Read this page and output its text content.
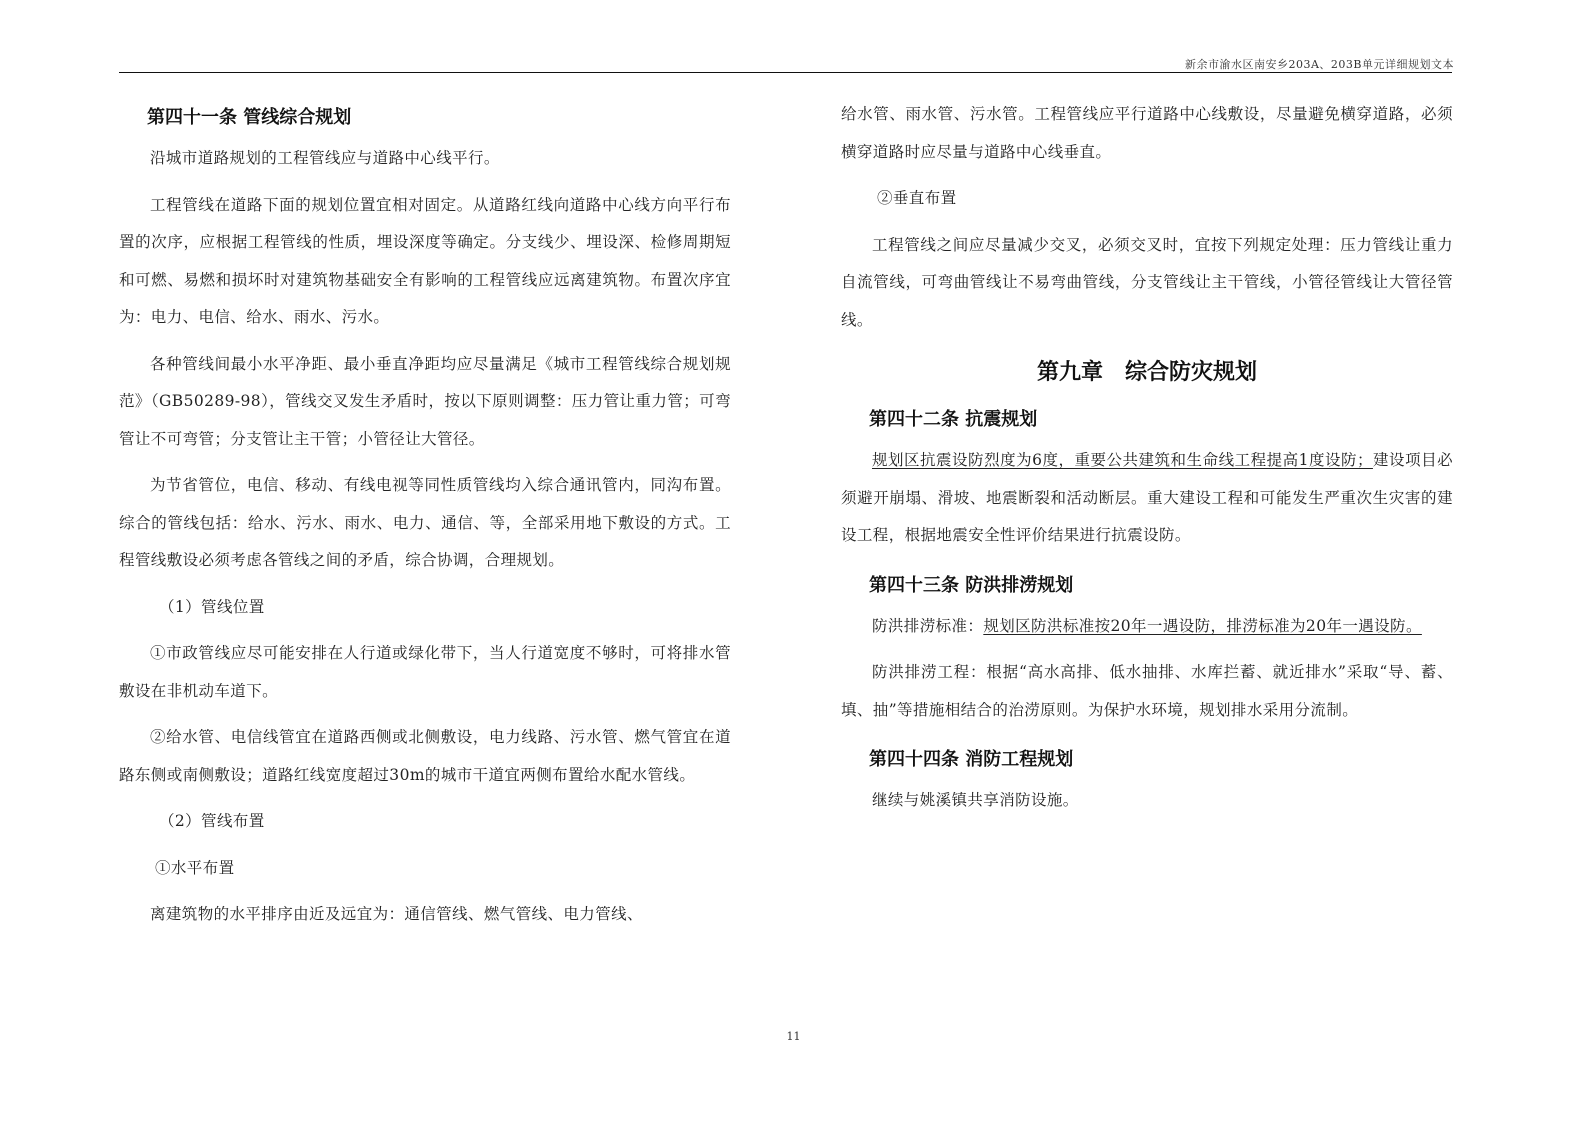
新余市渝水区南安乡203A、203B单元详细规划文本
第四十一条 管线综合规划

沿城市道路规划的工程管线应与道路中心线平行。

工程管线在道路下面的规划位置宜相对固定。从道路红线向道路中心线方向平行布置的次序，应根据工程管线的性质，埋设深度等确定。分支线少、埋设深、检修周期短和可燃、易燃和损坏时对建筑物基础安全有影响的工程管线应远离建筑物。布置次序宜为：电力、电信、给水、雨水、污水。

各种管线间最小水平净距、最小垂直净距均应尽量满足《城市工程管线综合规划规范》（GB50289-98），管线交叉发生矛盾时，按以下原则调整：压力管让重力管；可弯管让不可弯管；分支管让主干管；小管径让大管径。

为节省管位，电信、移动、有线电视等同性质管线均入综合通讯管内，同沟布置。综合的管线包括：给水、污水、雨水、电力、通信、等，全部采用地下敷设的方式。工程管线敷设必须考虑各管线之间的矛盾，综合协调，合理规划。

（1）管线位置

①市政管线应尽可能安排在人行道或绿化带下，当人行道宽度不够时，可将排水管敷设在非机动车道下。

②给水管、电信线管宜在道路西侧或北侧敷设，电力线路、污水管、燃气管宜在道路东侧或南侧敷设；道路红线宽度超过30m的城市干道宜两侧布置给水配水管线。

（2）管线布置

①水平布置

离建筑物的水平排序由近及远宜为：通信管线、燃气管线、电力管线、

给水管、雨水管、污水管。工程管线应平行道路中心线敷设，尽量避免横穿道路，必须横穿道路时应尽量与道路中心线垂直。

②垂直布置

工程管线之间应尽量减少交叉，必须交叉时，宜按下列规定处理：压力管线让重力自流管线，可弯曲管线让不易弯曲管线，分支管线让主干管线，小管径管线让大管径管线。

第九章　综合防灾规划
第四十二条 抗震规划

规划区抗震设防烈度为6度，重要公共建筑和生命线工程提高1度设防；建设项目必须避开崩塌、滑坡、地震断裂和活动断层。重大建设工程和可能发生严重次生灾害的建设工程，根据地震安全性评价结果进行抗震设防。

第四十三条 防洪排涝规划

防洪排涝标准：规划区防洪标准按20年一遇设防，排涝标准为20年一遇设防。

防洪排涝工程：根据“高水高排、低水抽排、水库拦蓄、就近排水”采取“导、蓄、填、抽”等措施相结合的治涝原则。为保护水环境，规划排水采用分流制。

第四十四条 消防工程规划

继续与姚溪镇共享消防设施。

11
